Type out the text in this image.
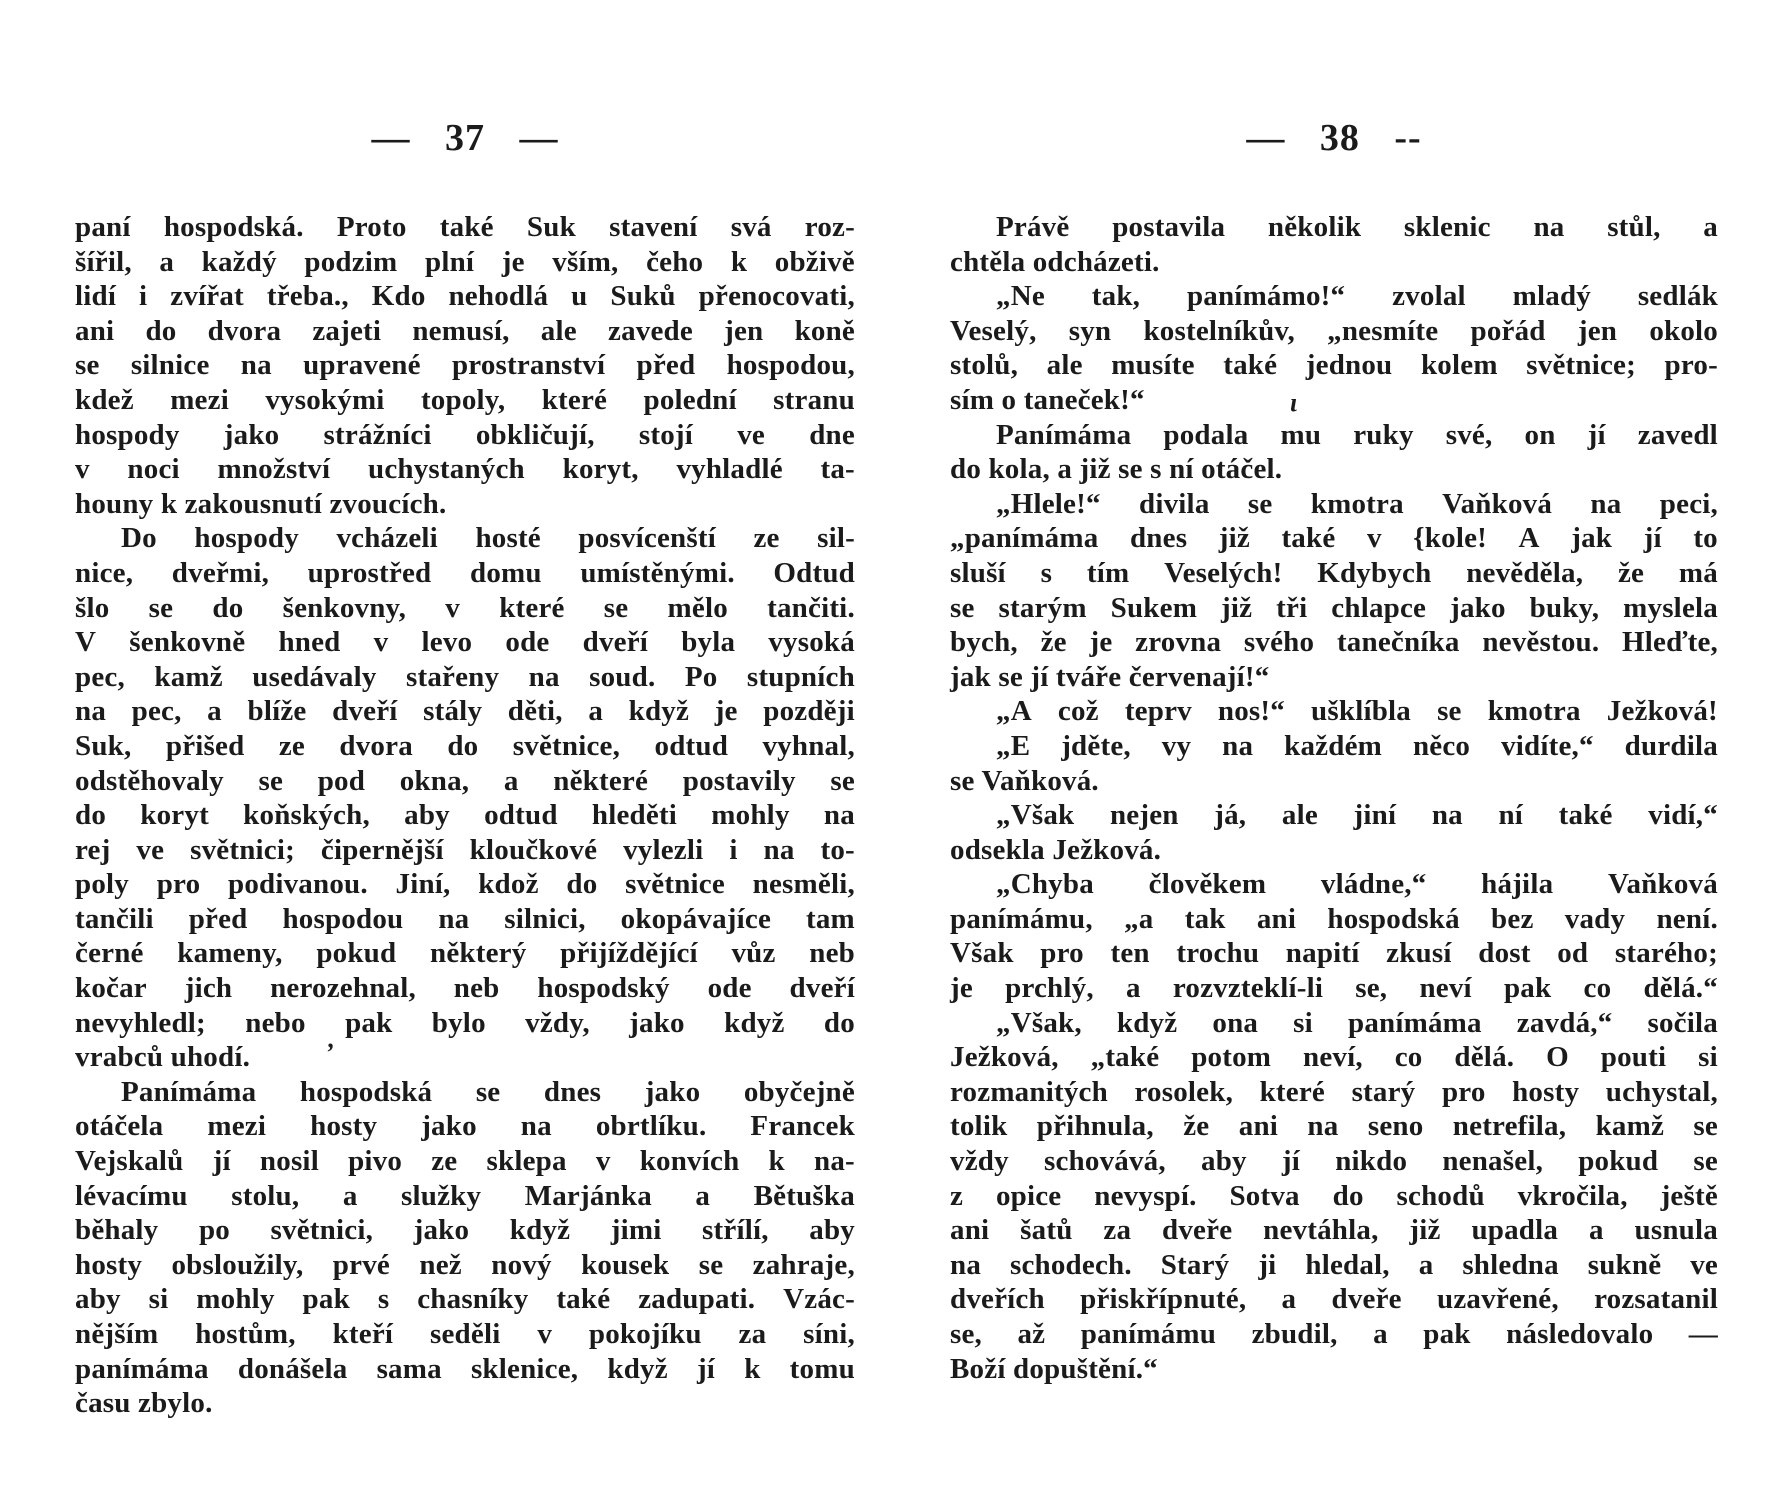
— 37 —
paní hospodská. Proto také Suk stavení svá roz-
šířil, a každý podzim plní je vším, čeho k obživě
lidí i zvířat třeba., Kdo nehodlá u Suků přenocovati,
ani do dvora zajeti nemusí, ale zavede jen koně
se silnice na upravené prostranství před hospodou,
kdež mezi vysokými topoly, které polední stranu
hospody jako strážníci obkličují, stojí ve dne
v noci množství uchystaných koryt, vyhladlé ta-
houny k zakousnutí zvoucích.
Do hospody vcházeli hosté posvícenští ze sil-
nice, dveřmi, uprostřed domu umístěnými. Odtud
šlo se do šenkovny, v které se mělo tančiti.
V šenkovně hned v levo ode dveří byla vysoká
pec, kamž usedávaly stařeny na soud. Po stupních
na pec, a blíže dveří stály děti, a když je později
Suk, přišed ze dvora do světnice, odtud vyhnal,
odstěhovaly se pod okna, a některé postavily se
do koryt koňských, aby odtud hleděti mohly na
rej ve světnici; čipernější kloučkové vylezli i na to-
poly pro podivanou. Jiní, kdož do světnice nesměli,
tančili před hospodou na silnici, okopávajíce tam
černé kameny, pokud některý přijíždějící vůz neb
kočar jich nerozehnal, neb hospodský ode dveří
nevyhledl; nebo pak bylo vždy, jako když do
vrabců uhodí.
Panímáma hospodská se dnes jako obyčejně
otáčela mezi hosty jako na obrtlíku. Francek
Vejskalů jí nosil pivo ze sklepa v konvích k na-
lévacímu stolu, a služky Marjánka a Bětuška
běhaly po světnici, jako když jimi střílí, aby
hosty obsloužily, prvé než nový kousek se zahraje,
aby si mohly pak s chasníky také zadupati. Vzác-
nějším hostům, kteří seděli v pokojíku za síni,
panímáma donášela sama sklenice, když jí k tomu
času zbylo.
— 38 --
Právě postavila několik sklenic na stůl, a
chtěla odcházeti.
„Ne tak, panímámo!“ zvolal mladý sedlák
Veselý, syn kostelníkův, „nesmíte pořád jen okolo
stolů, ale musíte také jednou kolem světnice; pro-
sím o taneček!“
Panímáma podala mu ruky své, on jí zavedl
do kola, a již se s ní otáčel.
„Hlele!“ divila se kmotra Vaňková na peci,
„panímáma dnes již také v {kole! A jak jí to
sluší s tím Veselých! Kdybych nevěděla, že má
se starým Sukem již tři chlapce jako buky, myslela
bych, že je zrovna svého tanečníka nevěstou. Hleďte,
jak se jí tváře červenají!“
„A což teprv nos!“ ušklíbla se kmotra Ježková!
„E jděte, vy na každém něco vidíte,“ durdila
se Vaňková.
„Však nejen já, ale jiní na ní také vidí,“
odsekla Ježková.
„Chyba člověkem vládne,“ hájila Vaňková
panímámu, „a tak ani hospodská bez vady není.
Však pro ten trochu napití zkusí dost od starého;
je prchlý, a rozvzteklí-li se, neví pak co dělá.“
„Však, když ona si panímáma zavdá,“ sočila
Ježková, „také potom neví, co dělá. O pouti si
rozmanitých rosolek, které starý pro hosty uchystal,
tolik přihnula, že ani na seno netrefila, kamž se
vždy schovává, aby jí nikdo nenašel, pokud se
z opice nevyspí. Sotva do schodů vkročila, ještě
ani šatů za dveře nevtáhla, již upadla a usnula
na schodech. Starý ji hledal, a shledna sukně ve
dveřích přiskřípnuté, a dveře uzavřené, rozsatanil
se, až panímámu zbudil, a pak následovalo —
Boží dopuštění.“
ι
’
